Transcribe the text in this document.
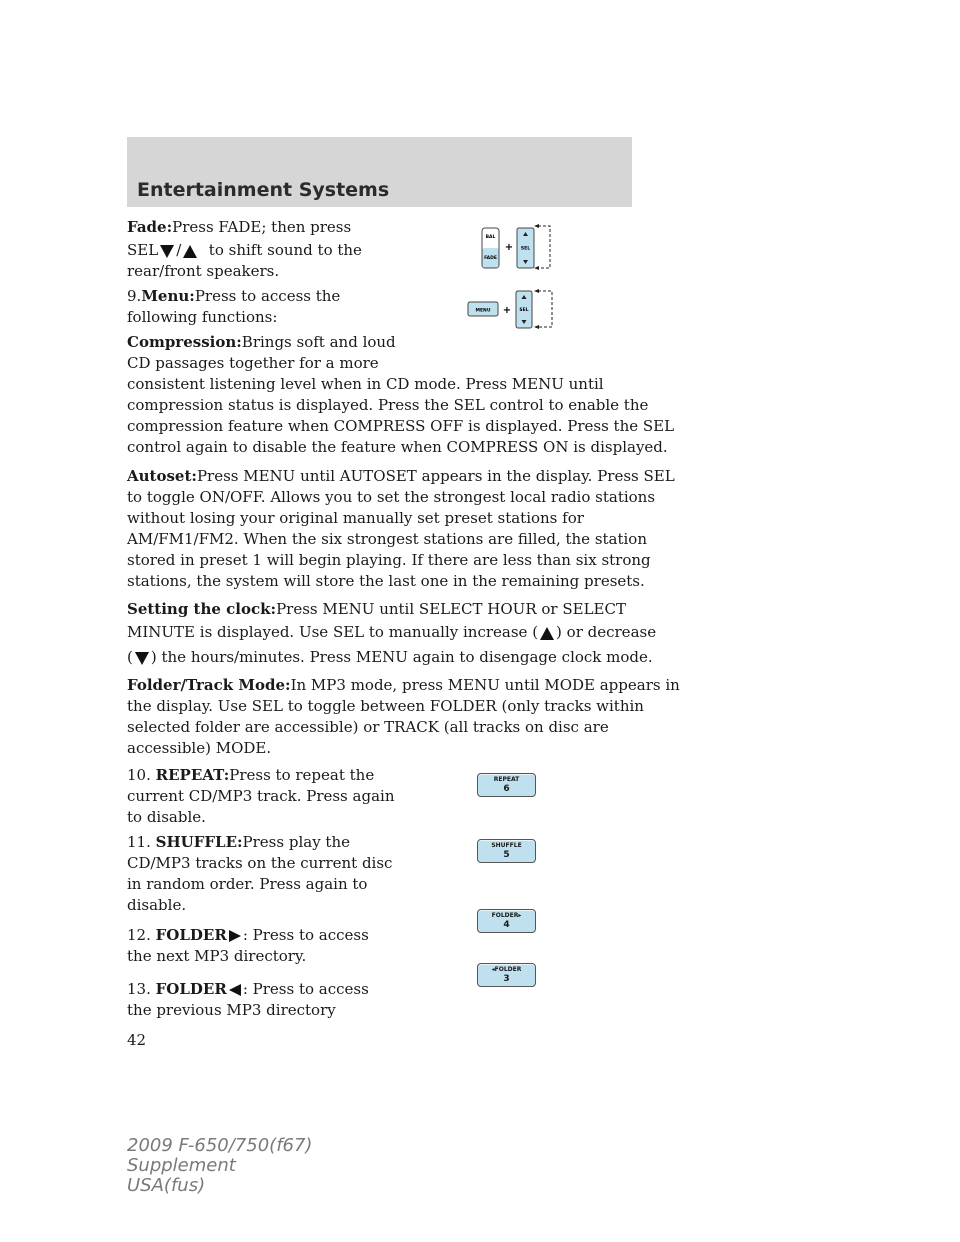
Entertainment Systems

Fade:Press FADE; then press

SEL / to shift sound to the

rear/front speakers.

BAL
FADE
+ SEL

9.Menu:Press to access the

following functions:	MENU + SEL

Compression:Brings soft and loud

CD passages together for a more

consistent listening level when in CD mode. Press MENU until

compression status is displayed. Press the SEL control to enable the

compression feature when COMPRESS OFF is displayed. Press the SEL

control again to disable the feature when COMPRESS ON is displayed.

Autoset:Press MENU until AUTOSET appears in the display. Press SEL

to toggle ON/OFF. Allows you to set the strongest local radio stations

without losing your original manually set preset stations for

AM/FM1/FM2. When the six strongest stations are filled, the station

stored in preset 1 will begin playing. If there are less than six strong

stations, the system will store the last one in the remaining presets.

Setting the clock:Press MENU until SELECT HOUR or SELECT

MINUTE is displayed. Use SEL to manually increase ( ) or decrease

( ) the hours/minutes. Press MENU again to disengage clock mode.

Folder/Track Mode:In MP3 mode, press MENU until MODE appears in

the display. Use SEL to toggle between FOLDER (only tracks within

selected folder are accessible) or TRACK (all tracks on disc are

accessible) MODE.

10. REPEAT:Press to repeat the

current CD/MP3 track. Press again

to disable.

REPEAT
6

11. SHUFFLE:Press play the

CD/MP3 tracks on the current disc

in random order. Press again to

disable.

SHUFFLE
5

12. FOLDER : Press to access

the next MP3 directory.

FOLDER▸
4

13. FOLDER : Press to access

the previous MP3 directory

◂FOLDER
3
42
2009 F-650/750(f67)
Supplement
USA(fus)
